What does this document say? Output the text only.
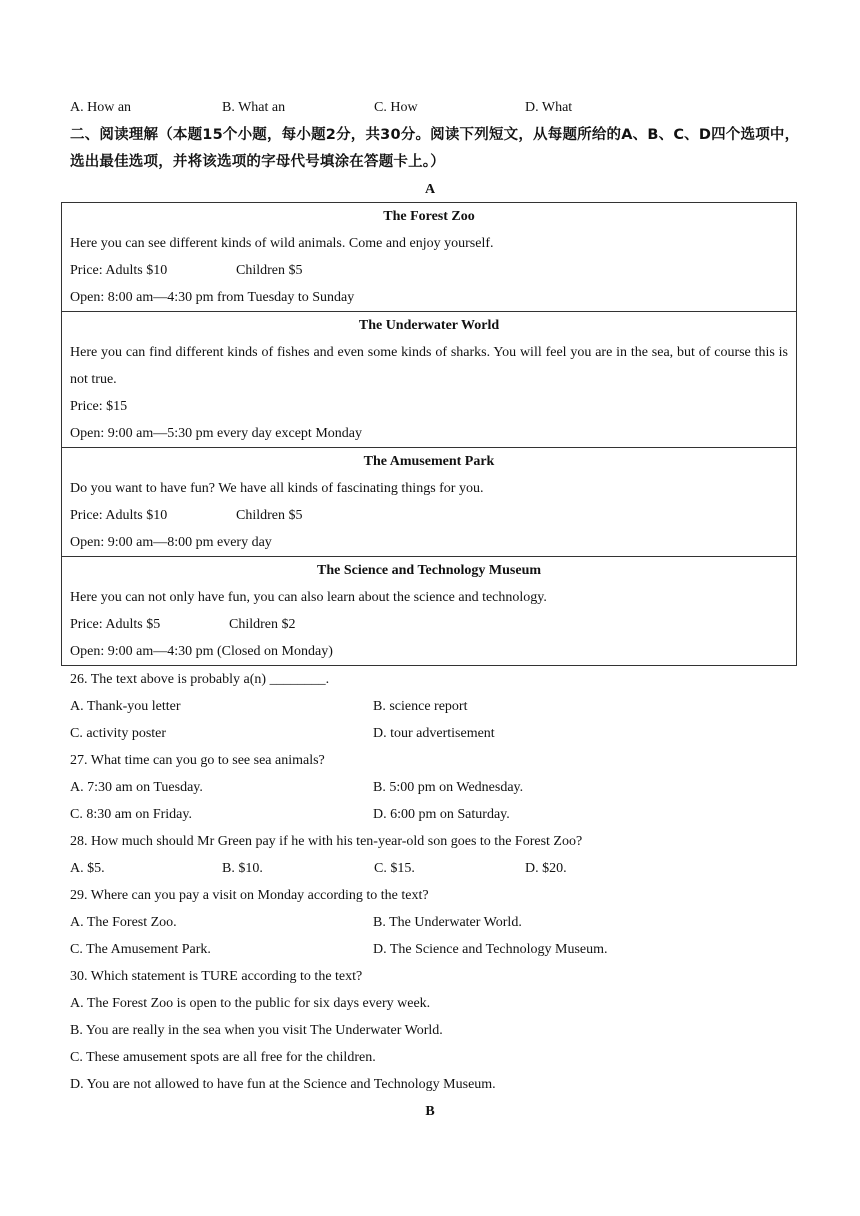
A. How an	B. What an	C. How	D. What
二、阅读理解（本题15个小题，每小题2分，共30分。阅读下列短文，从每题所给的A、B、C、D四个选项中，选出最佳选项，并将该选项的字母代号填涂在答题卡上。）
A
The Forest Zoo
Here you can see different kinds of wild animals. Come and enjoy yourself.
Price: Adults $10	Children $5
Open: 8:00 am—4:30 pm from Tuesday to Sunday
The Underwater World
Here you can find different kinds of fishes and even some kinds of sharks. You will feel you are in the sea, but of course this is not true.
Price: $15
Open: 9:00 am—5:30 pm every day except Monday
The Amusement Park
Do you want to have fun? We have all kinds of fascinating things for you.
Price: Adults $10	Children $5
Open: 9:00 am—8:00 pm every day
The Science and Technology Museum
Here you can not only have fun, you can also learn about the science and technology.
Price: Adults $5	Children $2
Open: 9:00 am—4:30 pm (Closed on Monday)
26. The text above is probably a(n) ________.
A. Thank-you letter	B. science report
C. activity poster	D. tour advertisement
27. What time can you go to see sea animals?
A. 7:30 am on Tuesday.	B. 5:00 pm on Wednesday.
C. 8:30 am on Friday.	D. 6:00 pm on Saturday.
28. How much should Mr Green pay if he with his ten-year-old son goes to the Forest Zoo?
A. $5.	B. $10.	C. $15.	D. $20.
29. Where can you pay a visit on Monday according to the text?
A. The Forest Zoo.	B. The Underwater World.
C. The Amusement Park.	D. The Science and Technology Museum.
30. Which statement is TURE according to the text?
A. The Forest Zoo is open to the public for six days every week.
B. You are really in the sea when you visit The Underwater World.
C. These amusement spots are all free for the children.
D. You are not allowed to have fun at the Science and Technology Museum.
B
